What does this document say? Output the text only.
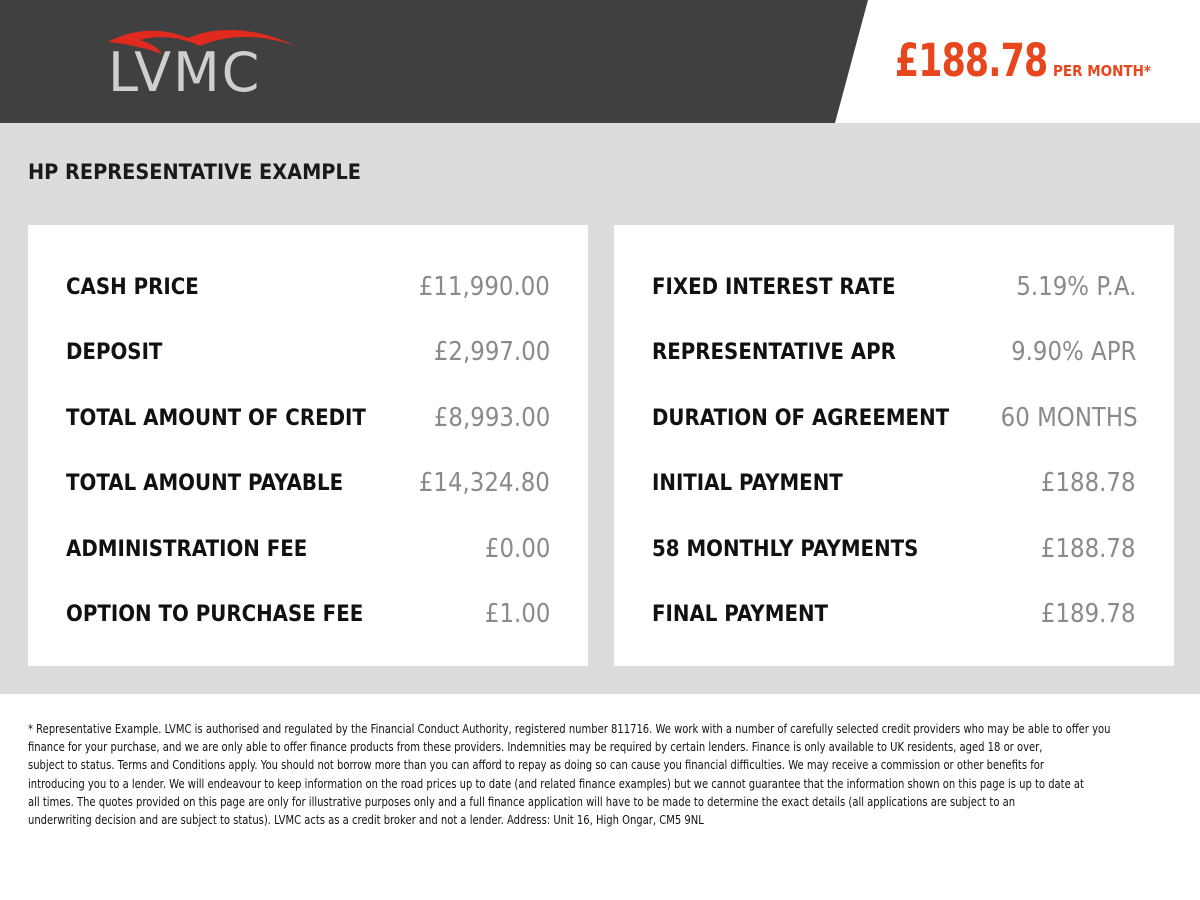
LVMC	£188.78 PER MONTH*
HP REPRESENTATIVE EXAMPLE
CASH PRICE	£11,990.00
DEPOSIT	£2,997.00
TOTAL AMOUNT OF CREDIT	£8,993.00
TOTAL AMOUNT PAYABLE	£14,324.80
ADMINISTRATION FEE	£0.00
OPTION TO PURCHASE FEE	£1.00
FIXED INTEREST RATE	5.19% P.A.
REPRESENTATIVE APR	9.90% APR
DURATION OF AGREEMENT 60 MONTHS
INITIAL PAYMENT	£188.78
58 MONTHLY PAYMENTS	£188.78
FINAL PAYMENT	£189.78
* Representative Example. LVMC is authorised and regulated by the Financial Conduct Authority, registered number 811716. We work with a number of carefully selected credit providers who may be able to offer you
finance for your purchase, and we are only able to offer finance products from these providers. Indemnities may be required by certain lenders. Finance is only available to UK residents, aged 18 or over,
subject to status. Terms and Conditions apply. You should not borrow more than you can afford to repay as doing so can cause you financial difficulties. We may receive a commission or other benefits for
introducing you to a lender. We will endeavour to keep information on the road prices up to date (and related finance examples) but we cannot guarantee that the information shown on this page is up to date at
all times. The quotes provided on this page are only for illustrative purposes only and a full finance application will have to be made to determine the exact details (all applications are subject to an
underwriting decision and are subject to status). LVMC acts as a credit broker and not a lender. Address: Unit 16, High Ongar, CM5 9NL
